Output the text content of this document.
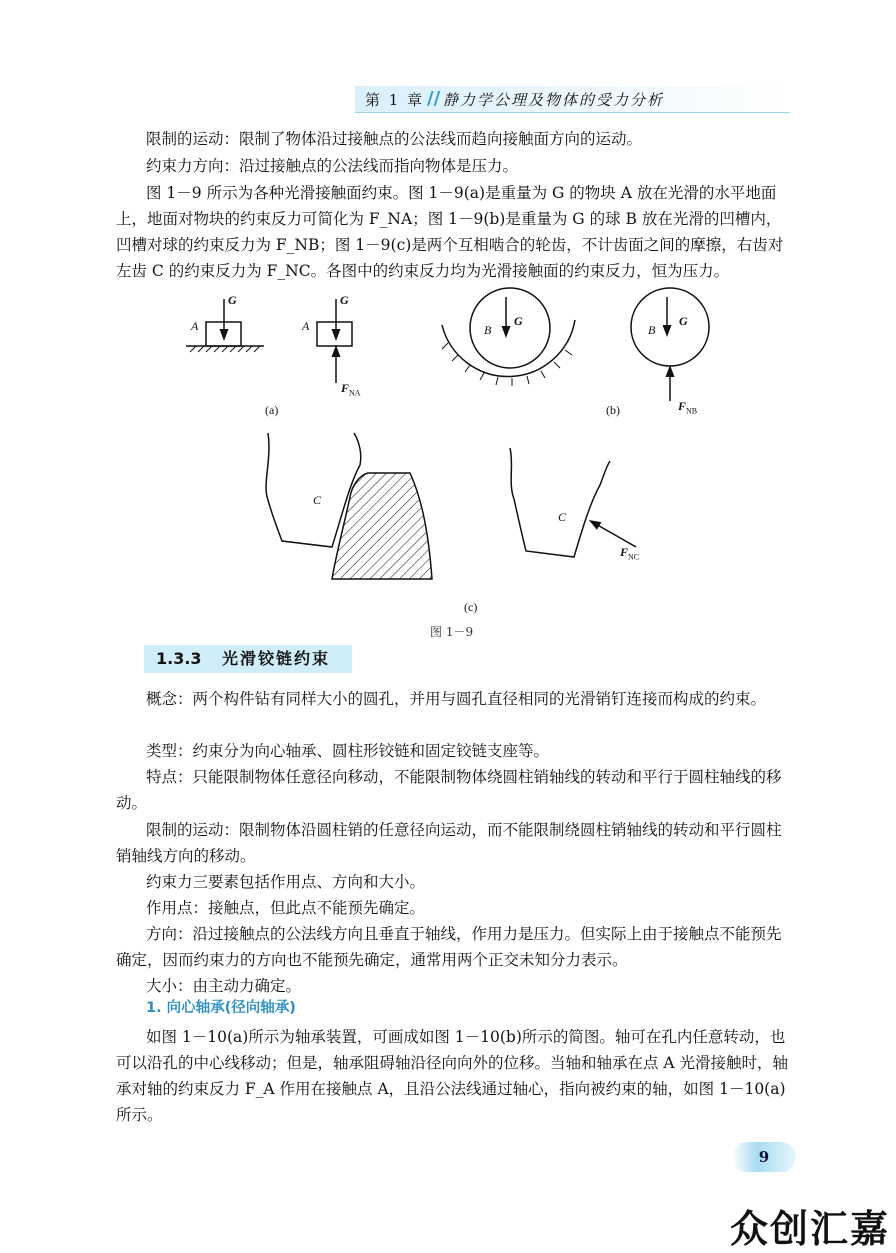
第 1 章 // 静力学公理及物体的受力分析
限制的运动：限制了物体沿过接触点的公法线而趋向接触面方向的运动。
约束力方向：沿过接触点的公法线而指向物体是压力。
图 1－9 所示为各种光滑接触面约束。图 1－9(a)是重量为 G 的物块 A 放在光滑的水平地面上，地面对物块的约束反力可简化为 F_NA；图 1－9(b)是重量为 G 的球 B 放在光滑的凹槽内，凹槽对球的约束反力为 F_NB；图 1－9(c)是两个互相啮合的轮齿，不计齿面之间的摩擦，右齿对左齿 C 的约束反力为 F_NC。各图中的约束反力均为光滑接触面的约束反力，恒为压力。
G
A
G
A
$F_{NA}$
(a)
G
B
G
B
$F_{NB}$
(b)
C
C
$F_{NC}$
(c)
图 1－9
1.3.3 光滑铰链约束
概念：两个构件钻有同样大小的圆孔，并用与圆孔直径相同的光滑销钉连接而构成的约束。
类型：约束分为向心轴承、圆柱形铰链和固定铰链支座等。
特点：只能限制物体任意径向移动，不能限制物体绕圆柱销轴线的转动和平行于圆柱轴线的移动。
限制的运动：限制物体沿圆柱销的任意径向运动，而不能限制绕圆柱销轴线的转动和平行圆柱销轴线方向的移动。
约束力三要素包括作用点、方向和大小。
作用点：接触点，但此点不能预先确定。
方向：沿过接触点的公法线方向且垂直于轴线，作用力是压力。但实际上由于接触点不能预先确定，因而约束力的方向也不能预先确定，通常用两个正交未知分力表示。
大小：由主动力确定。
1. 向心轴承(径向轴承)
如图 1－10(a)所示为轴承装置，可画成如图 1－10(b)所示的简图。轴可在孔内任意转动，也可以沿孔的中心线移动；但是，轴承阻碍轴沿径向向外的位移。当轴和轴承在点 A 光滑接触时，轴承对轴的约束反力 F_A 作用在接触点 A，且沿公法线通过轴心，指向被约束的轴，如图 1－10(a)所示。
9
众创汇嘉
